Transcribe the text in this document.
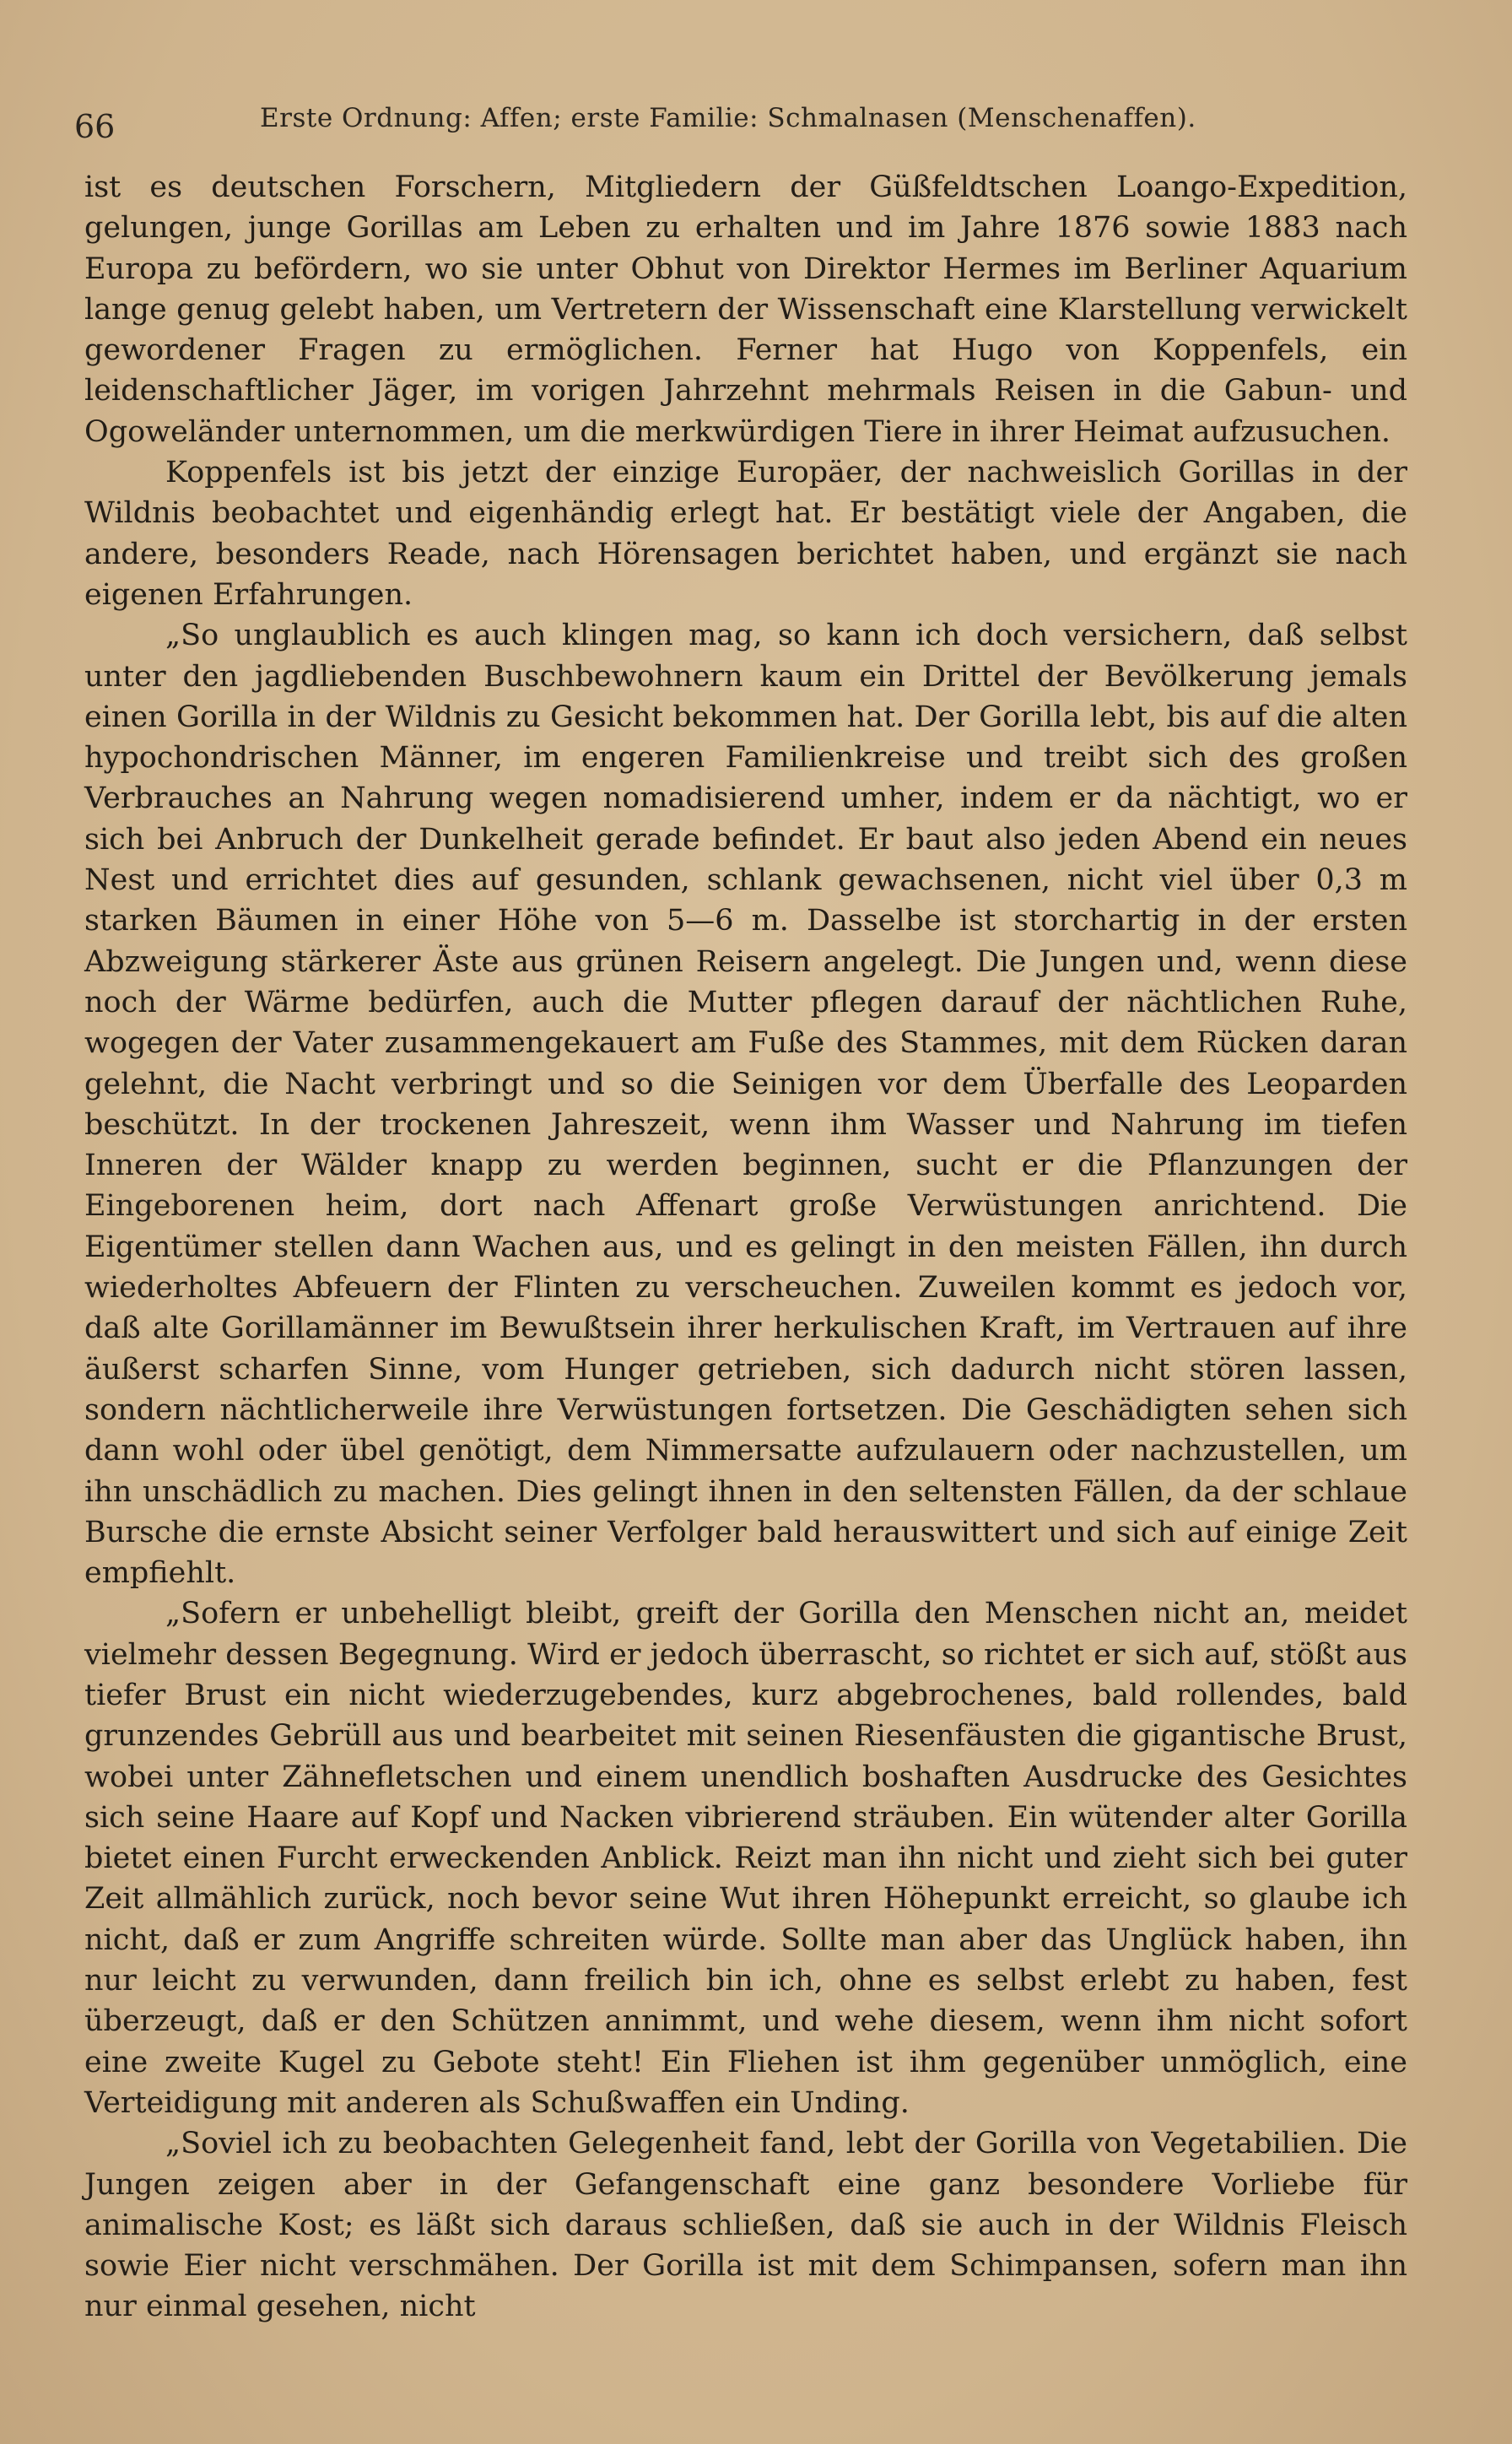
66	Erste Ordnung: Affen; erste Familie: Schmalnasen (Menschenaffen).

ist es deutschen Forschern, Mitgliedern der Güßfeldtschen Loango-Expedition, gelungen, junge Gorillas am Leben zu erhalten und im Jahre 1876 sowie 1883 nach Europa zu befördern, wo sie unter Obhut von Direktor Hermes im Berliner Aquarium lange genug gelebt haben, um Vertretern der Wissenschaft eine Klarstellung verwickelt gewordener Fragen zu ermöglichen. Ferner hat Hugo von Koppenfels, ein leidenschaftlicher Jäger, im vorigen Jahrzehnt mehrmals Reisen in die Gabun- und Ogoweländer unternommen, um die merkwürdigen Tiere in ihrer Heimat aufzusuchen.

Koppenfels ist bis jetzt der einzige Europäer, der nachweislich Gorillas in der Wildnis beobachtet und eigenhändig erlegt hat. Er bestätigt viele der Angaben, die andere, besonders Reade, nach Hörensagen berichtet haben, und ergänzt sie nach eigenen Erfahrungen.

„So unglaublich es auch klingen mag, so kann ich doch versichern, daß selbst unter den jagdliebenden Buschbewohnern kaum ein Drittel der Bevölkerung jemals einen Gorilla in der Wildnis zu Gesicht bekommen hat. Der Gorilla lebt, bis auf die alten hypochondrischen Männer, im engeren Familienkreise und treibt sich des großen Verbrauches an Nahrung wegen nomadisierend umher, indem er da nächtigt, wo er sich bei Anbruch der Dunkelheit gerade befindet. Er baut also jeden Abend ein neues Nest und errichtet dies auf gesunden, schlank gewachsenen, nicht viel über 0,3 m starken Bäumen in einer Höhe von 5—6 m. Dasselbe ist storchartig in der ersten Abzweigung stärkerer Äste aus grünen Reisern angelegt. Die Jungen und, wenn diese noch der Wärme bedürfen, auch die Mutter pflegen darauf der nächtlichen Ruhe, wogegen der Vater zusammengekauert am Fuße des Stammes, mit dem Rücken daran gelehnt, die Nacht verbringt und so die Seinigen vor dem Überfalle des Leoparden beschützt. In der trockenen Jahreszeit, wenn ihm Wasser und Nahrung im tiefen Inneren der Wälder knapp zu werden beginnen, sucht er die Pflanzungen der Eingeborenen heim, dort nach Affenart große Verwüstungen anrichtend. Die Eigentümer stellen dann Wachen aus, und es gelingt in den meisten Fällen, ihn durch wiederholtes Abfeuern der Flinten zu verscheuchen. Zuweilen kommt es jedoch vor, daß alte Gorillamänner im Bewußtsein ihrer herkulischen Kraft, im Vertrauen auf ihre äußerst scharfen Sinne, vom Hunger getrieben, sich dadurch nicht stören lassen, sondern nächtlicherweile ihre Verwüstungen fortsetzen. Die Geschädigten sehen sich dann wohl oder übel genötigt, dem Nimmersatte aufzulauern oder nachzustellen, um ihn unschädlich zu machen. Dies gelingt ihnen in den seltensten Fällen, da der schlaue Bursche die ernste Absicht seiner Verfolger bald herauswittert und sich auf einige Zeit empfiehlt.

„Sofern er unbehelligt bleibt, greift der Gorilla den Menschen nicht an, meidet vielmehr dessen Begegnung. Wird er jedoch überrascht, so richtet er sich auf, stößt aus tiefer Brust ein nicht wiederzugebendes, kurz abgebrochenes, bald rollendes, bald grunzendes Gebrüll aus und bearbeitet mit seinen Riesenfäusten die gigantische Brust, wobei unter Zähnefletschen und einem unendlich boshaften Ausdrucke des Gesichtes sich seine Haare auf Kopf und Nacken vibrierend sträuben. Ein wütender alter Gorilla bietet einen Furcht erweckenden Anblick. Reizt man ihn nicht und zieht sich bei guter Zeit allmählich zurück, noch bevor seine Wut ihren Höhepunkt erreicht, so glaube ich nicht, daß er zum Angriffe schreiten würde. Sollte man aber das Unglück haben, ihn nur leicht zu verwunden, dann freilich bin ich, ohne es selbst erlebt zu haben, fest überzeugt, daß er den Schützen annimmt, und wehe diesem, wenn ihm nicht sofort eine zweite Kugel zu Gebote steht! Ein Fliehen ist ihm gegenüber unmöglich, eine Verteidigung mit anderen als Schußwaffen ein Unding.

„Soviel ich zu beobachten Gelegenheit fand, lebt der Gorilla von Vegetabilien. Die Jungen zeigen aber in der Gefangenschaft eine ganz besondere Vorliebe für animalische Kost; es läßt sich daraus schließen, daß sie auch in der Wildnis Fleisch sowie Eier nicht verschmähen. Der Gorilla ist mit dem Schimpansen, sofern man ihn nur einmal gesehen, nicht
